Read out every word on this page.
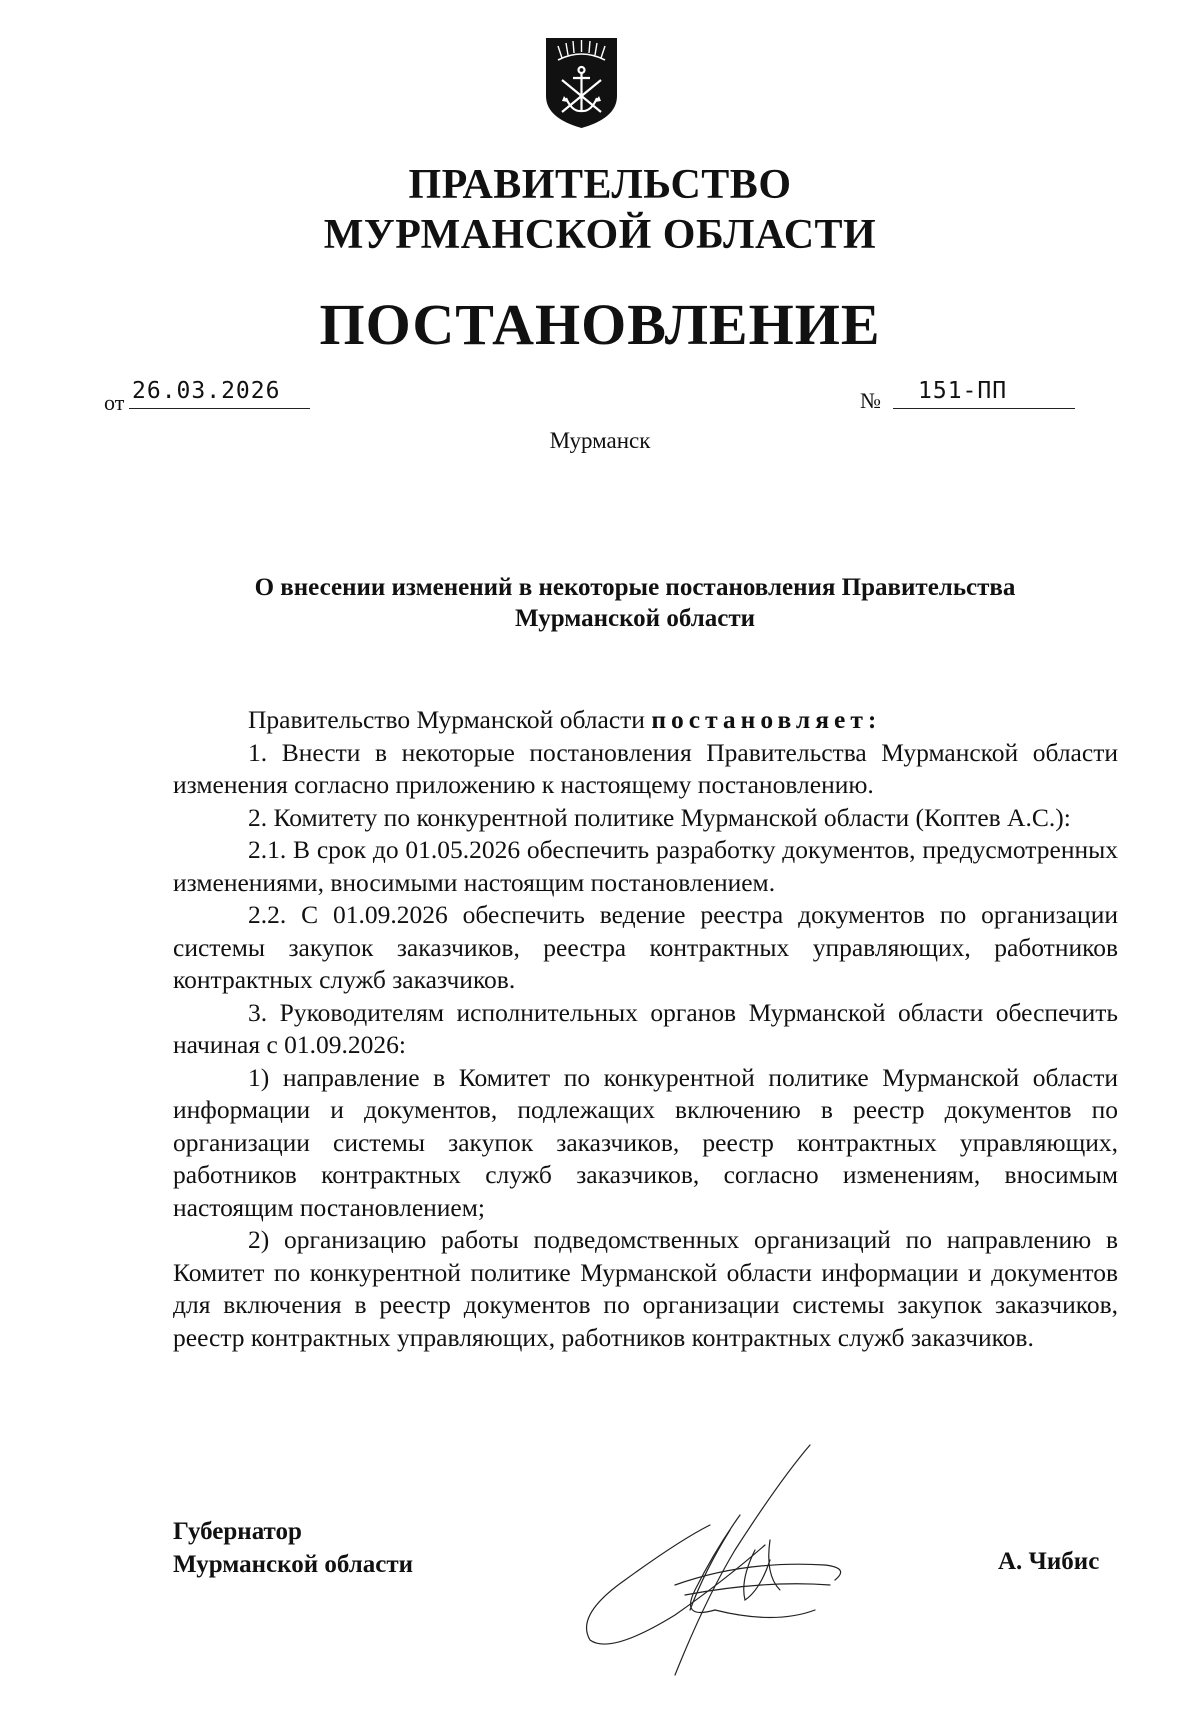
ПРАВИТЕЛЬСТВО
МУРМАНСКОЙ ОБЛАСТИ
ПОСТАНОВЛЕНИЕ
от 26.03.2026	№ 151-ПП
Мурманск
О внесении изменений в некоторые постановления Правительства
Мурманской области

Правительство Мурманской области постановляет:

1. Внести в некоторые постановления Правительства Мурманской области изменения согласно приложению к настоящему постановлению.

2. Комитету по конкурентной политике Мурманской области (Коптев А.С.):

2.1. В срок до 01.05.2026 обеспечить разработку документов, предусмотренных изменениями, вносимыми настоящим постановлением.

2.2. С 01.09.2026 обеспечить ведение реестра документов по организации системы закупок заказчиков, реестра контрактных управляющих, работников контрактных служб заказчиков.

3. Руководителям исполнительных органов Мурманской области обеспечить начиная с 01.09.2026:

1) направление в Комитет по конкурентной политике Мурманской области информации и документов, подлежащих включению в реестр документов по организации системы закупок заказчиков, реестр контрактных управляющих, работников контрактных служб заказчиков, согласно изменениям, вносимым настоящим постановлением;

2) организацию работы подведомственных организаций по направлению в Комитет по конкурентной политике Мурманской области информации и документов для включения в реестр документов по организации системы закупок заказчиков, реестр контрактных управляющих, работников контрактных служб заказчиков.

Губернатор
Мурманской области	А. Чибис
